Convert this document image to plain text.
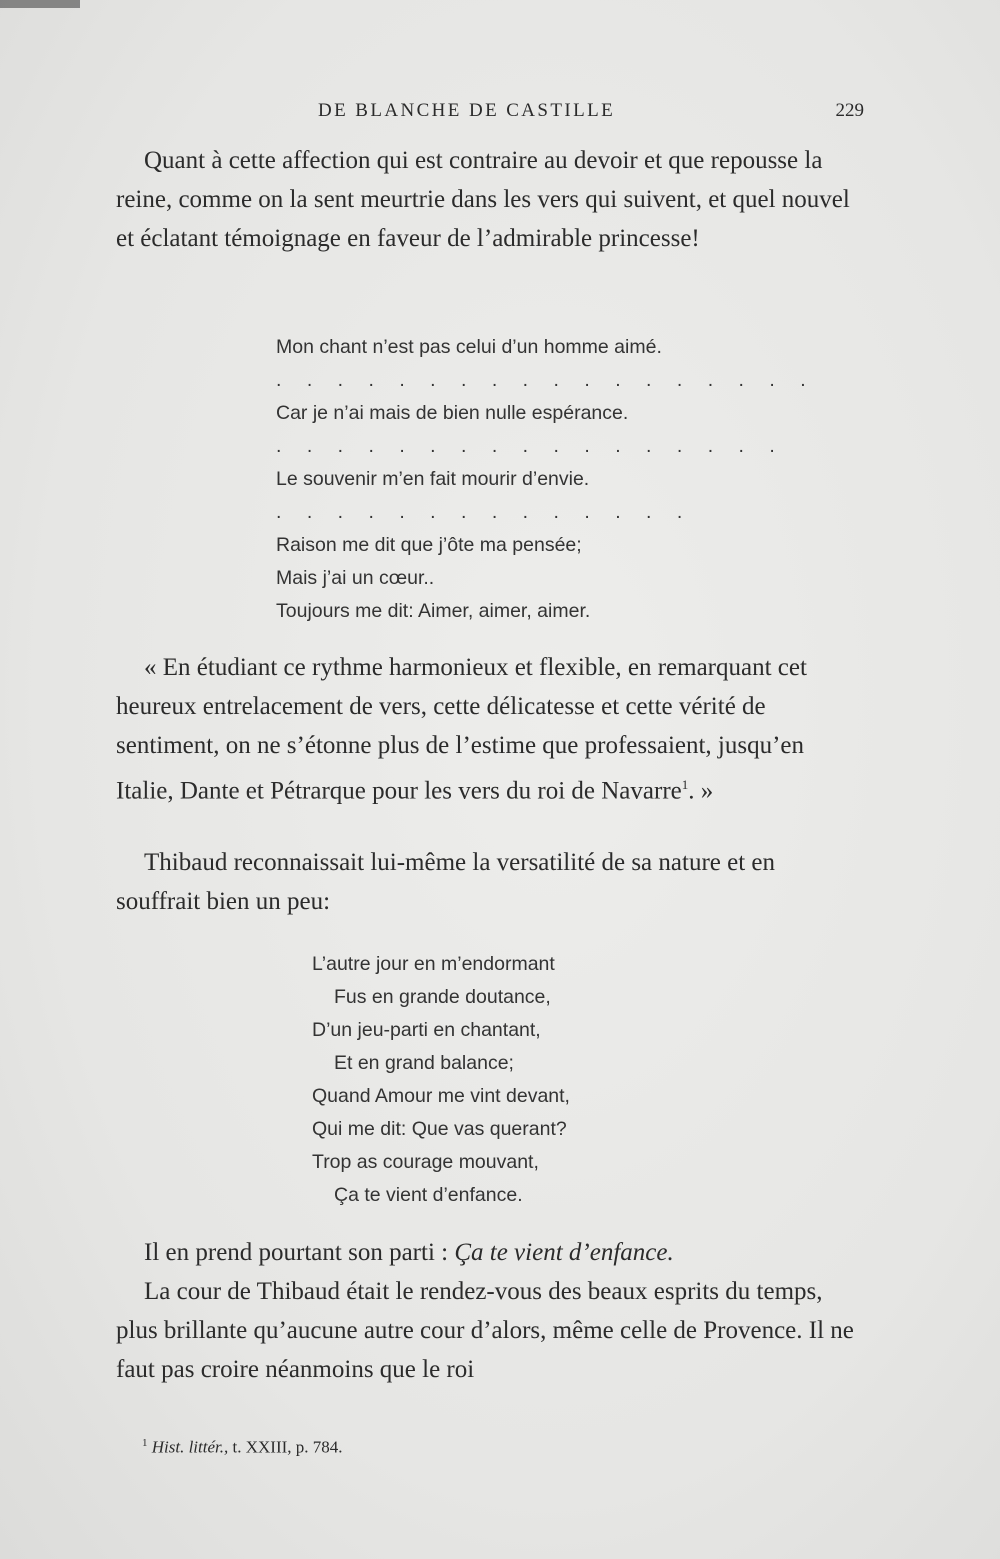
DE BLANCHE DE CASTILLE	229

Quant à cette affection qui est contraire au devoir et que repousse la reine, comme on la sent meurtrie dans les vers qui suivent, et quel nouvel et éclatant témoignage en faveur de l’admirable princesse!

Mon chant n’est pas celui d’un homme aimé.
. . . . . . . . . . . . . . . . . .
Car je n’ai mais de bien nulle espérance.
. . . . . . . . . . . . . . . . .
Le souvenir m’en fait mourir d’envie.
. . . . . . . . . . . . . .
Raison me dit que j’ôte ma pensée;
Mais j’ai un cœur..
Toujours me dit: Aimer, aimer, aimer.

« En étudiant ce rythme harmonieux et flexible, en remarquant cet heureux entrelacement de vers, cette délicatesse et cette vérité de sentiment, on ne s’étonne plus de l’estime que professaient, jusqu’en Italie, Dante et Pétrarque pour les vers du roi de Navarre$^1$. »

Thibaud reconnaissait lui-même la versatilité de sa nature et en souffrait bien un peu:

L’autre jour en m’endormant
Fus en grande doutance,
D’un jeu-parti en chantant,
Et en grand balance;
Quand Amour me vint devant,
Qui me dit: Que vas querant?
Trop as courage mouvant,
Ça te vient d’enfance.

Il en prend pourtant son parti : Ça te vient d’enfance.

La cour de Thibaud était le rendez-vous des beaux esprits du temps, plus brillante qu’aucune autre cour d’alors, même celle de Provence. Il ne faut pas croire néanmoins que le roi

$^1$ Hist. littér., t. XXIII, p. 784.
